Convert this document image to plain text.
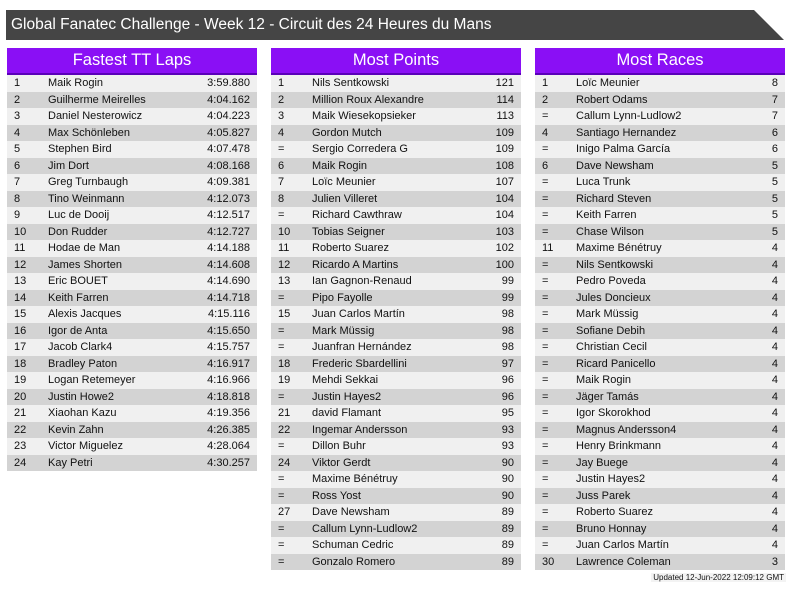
Global Fanatec Challenge - Week 12 - Circuit des 24 Heures du Mans
Fastest TT Laps
1	Maik Rogin	3:59.880
2	Guilherme Meirelles	4:04.162
3	Daniel Nesterowicz	4:04.223
4	Max Schönleben	4:05.827
5	Stephen Bird	4:07.478
6	Jim Dort	4:08.168
7	Greg Turnbaugh	4:09.381
8	Tino Weinmann	4:12.073
9	Luc de Dooij	4:12.517
10 Don Rudder	4:12.727
11 Hodae de Man	4:14.188
12 James Shorten	4:14.608
13 Eric BOUET	4:14.690
14 Keith Farren	4:14.718
15 Alexis Jacques	4:15.116
16 Igor de Anta	4:15.650
17 Jacob Clark4	4:15.757
18 Bradley Paton	4:16.917
19 Logan Retemeyer	4:16.966
20 Justin Howe2	4:18.818
21 Xiaohan Kazu	4:19.356
22 Kevin Zahn	4:26.385
23 Victor Miguelez	4:28.064
24 Kay Petri	4:30.257
Most Points
1	Nils Sentkowski	121
2	Million Roux Alexandre	114
3	Maik Wiesekopsieker	113
4	Gordon Mutch	109
=	Sergio Corredera G	109
6	Maik Rogin	108
7	Loïc Meunier	107
8	Julien Villeret	104
=	Richard Cawthraw	104
10 Tobias Seigner	103
11 Roberto Suarez	102
12 Ricardo A Martins	100
13 Ian Gagnon-Renaud	99
=	Pipo Fayolle	99
15 Juan Carlos Martín	98
=	Mark Müssig	98
=	Juanfran Hernández	98
18 Frederic Sbardellini	97
19 Mehdi Sekkai	96
=	Justin Hayes2	96
21 david Flamant	95
22 Ingemar Andersson	93
=	Dillon Buhr	93
24 Viktor Gerdt	90
=	Maxime Bénétruy	90
=	Ross Yost	90
27 Dave Newsham	89
=	Callum Lynn-Ludlow2	89
=	Schuman Cedric	89
=	Gonzalo Romero	89
Most Races
1	Loïc Meunier	8
2	Robert Odams	7
=	Callum Lynn-Ludlow2	7
4	Santiago Hernandez	6
=	Inigo Palma García	6
6	Dave Newsham	5
=	Luca Trunk	5
=	Richard Steven	5
=	Keith Farren	5
=	Chase Wilson	5
11 Maxime Bénétruy	4
=	Nils Sentkowski	4
=	Pedro Poveda	4
=	Jules Doncieux	4
=	Mark Müssig	4
=	Sofiane Debih	4
=	Christian Cecil	4
=	Ricard Panicello	4
=	Maik Rogin	4
=	Jäger Tamás	4
=	Igor Skorokhod	4
=	Magnus Andersson4	4
=	Henry Brinkmann	4
=	Jay Buege	4
=	Justin Hayes2	4
=	Juss Parek	4
=	Roberto Suarez	4
=	Bruno Honnay	4
=	Juan Carlos Martín	4
30 Lawrence Coleman	3
Updated 12-Jun-2022 12:09:12 GMT
